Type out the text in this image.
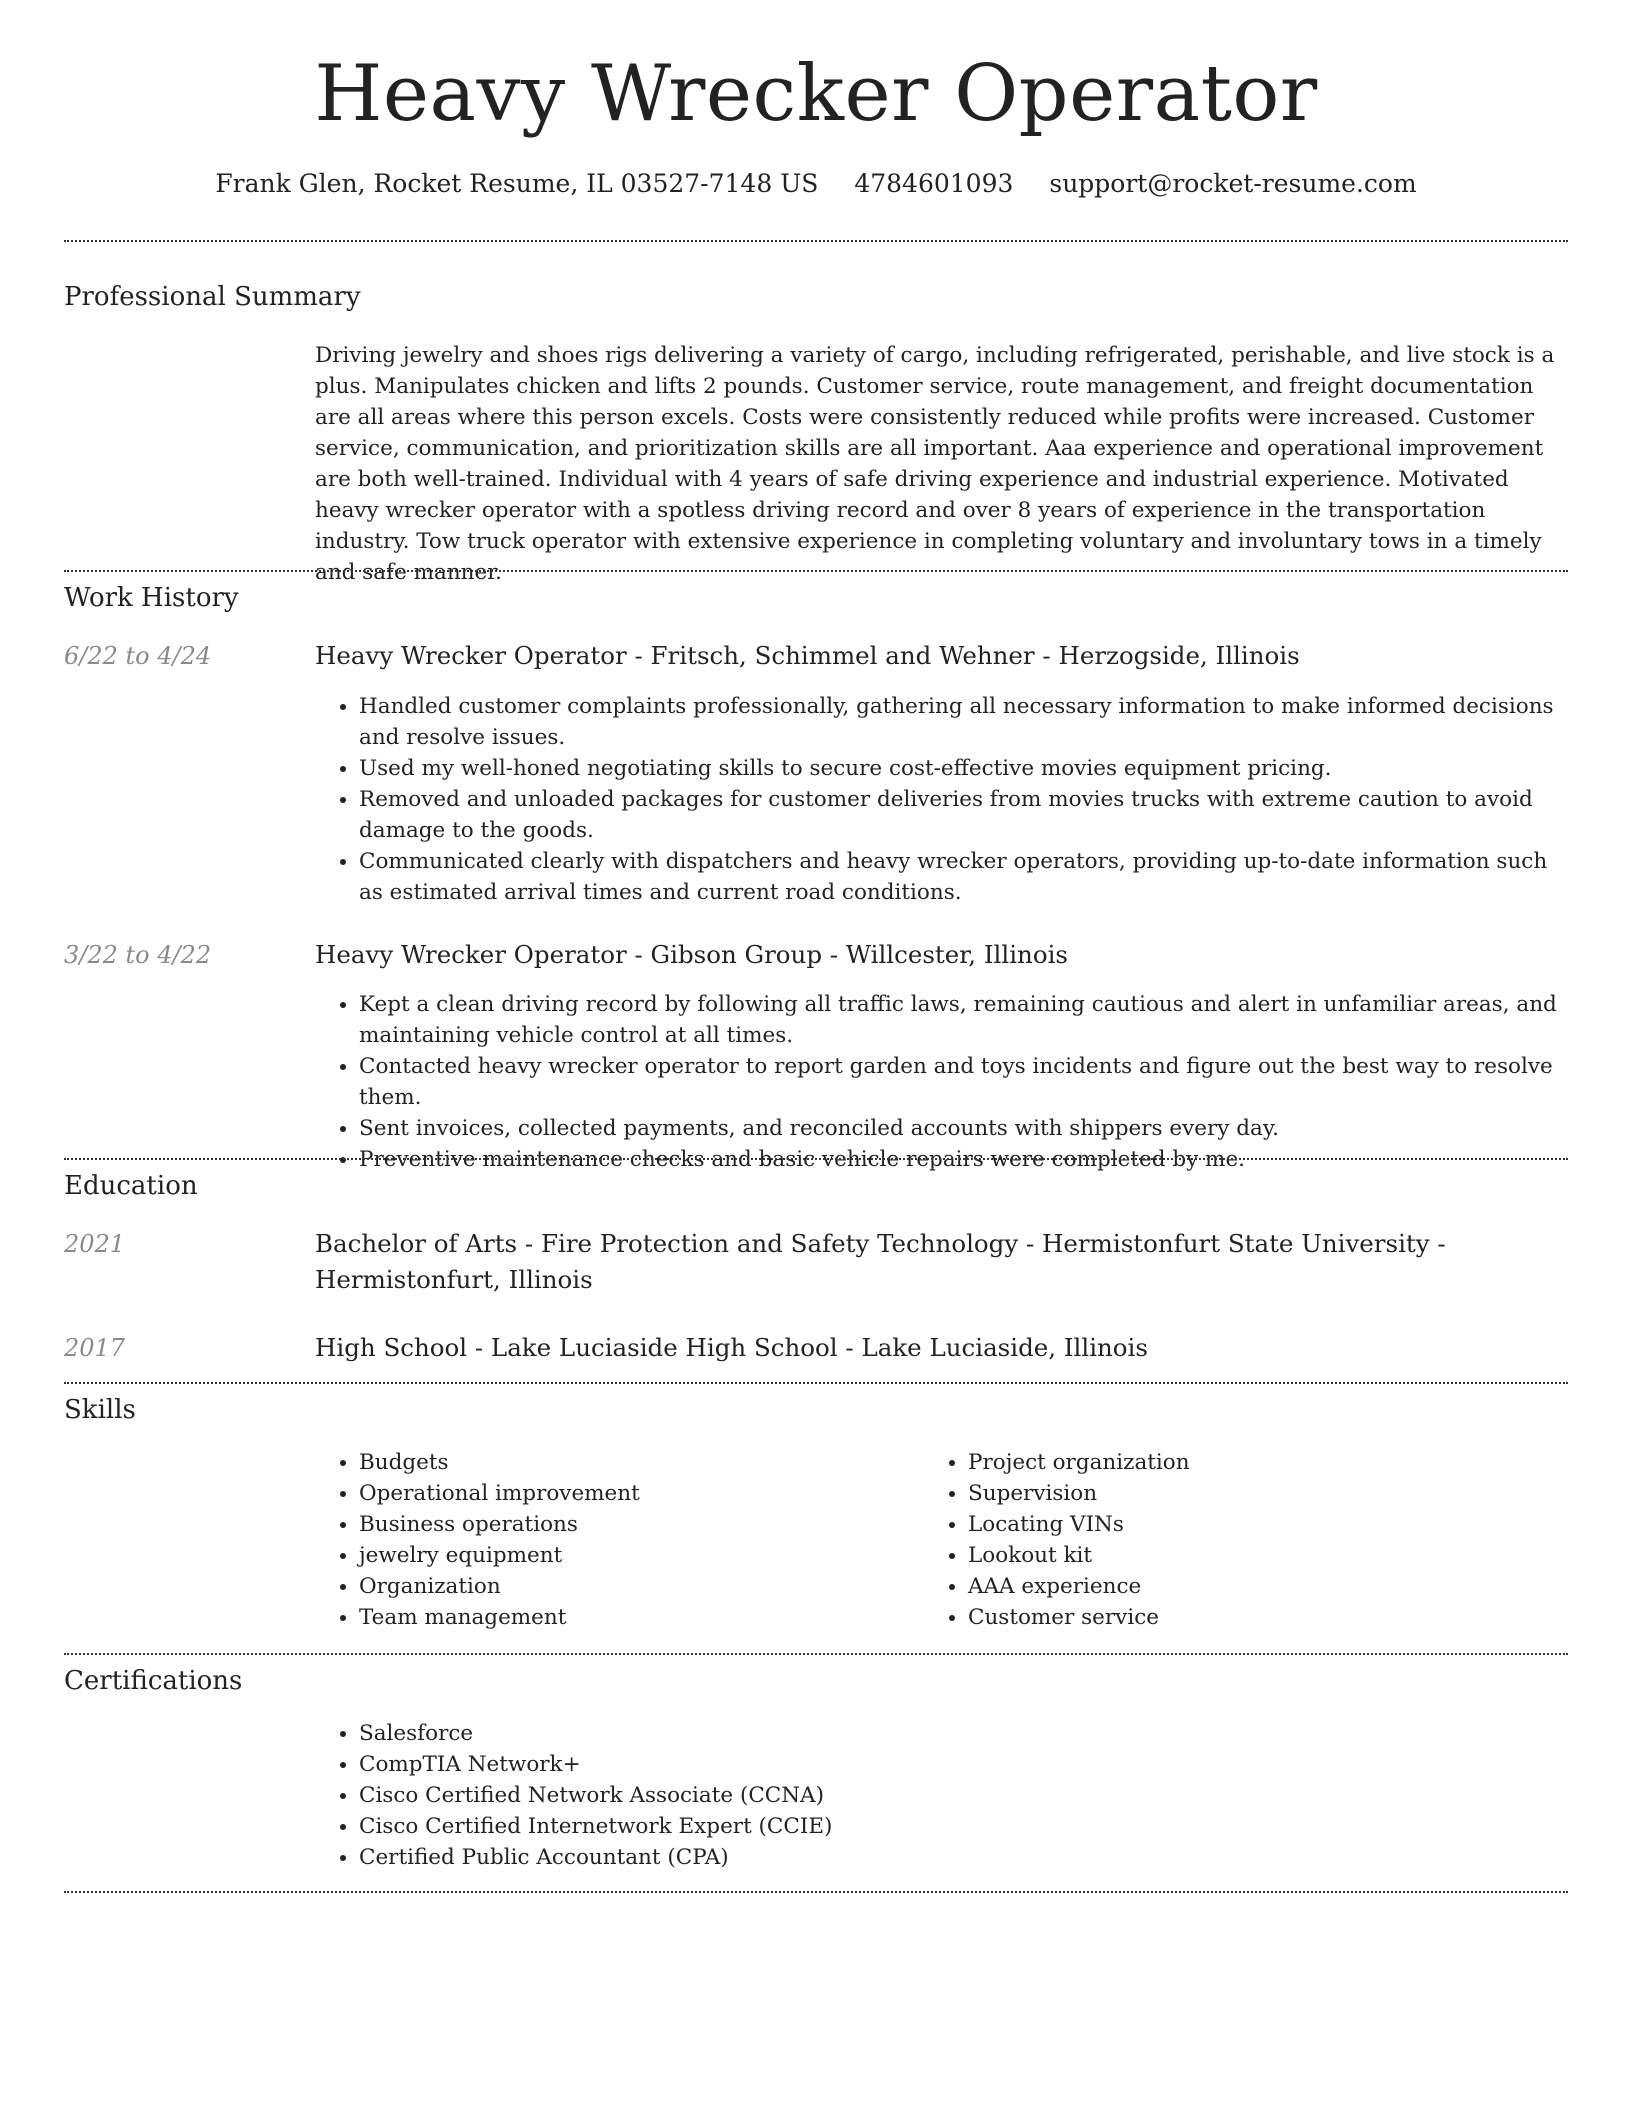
Heavy Wrecker Operator
Frank Glen, Rocket Resume, IL 03527-7148 US 4784601093 support@rocket-resume.com
Professional Summary

Driving jewelry and shoes rigs delivering a variety of cargo, including refrigerated, perishable, and live stock is a plus. Manipulates chicken and lifts 2 pounds. Customer service, route management, and freight documentation are all areas where this person excels. Costs were consistently reduced while profits were increased. Customer service, communication, and prioritization skills are all important. Aaa experience and operational improvement are both well-trained. Individual with 4 years of safe driving experience and industrial experience. Motivated heavy wrecker operator with a spotless driving record and over 8 years of experience in the transportation industry. Tow truck operator with extensive experience in completing voluntary and involuntary tows in a timely and safe manner.

Work History
6/22 to 4/24	Heavy Wrecker Operator - Fritsch, Schimmel and Wehner - Herzogside, Illinois
• Handled customer complaints professionally, gathering all necessary information to make informed decisions and resolve issues.
• Used my well-honed negotiating skills to secure cost-effective movies equipment pricing.
• Removed and unloaded packages for customer deliveries from movies trucks with extreme caution to avoid damage to the goods.
• Communicated clearly with dispatchers and heavy wrecker operators, providing up-to-date information such as estimated arrival times and current road conditions.
3/22 to 4/22	Heavy Wrecker Operator - Gibson Group - Willcester, Illinois
• Kept a clean driving record by following all traffic laws, remaining cautious and alert in unfamiliar areas, and maintaining vehicle control at all times.
• Contacted heavy wrecker operator to report garden and toys incidents and figure out the best way to resolve them.
• Sent invoices, collected payments, and reconciled accounts with shippers every day.
• Preventive maintenance checks and basic vehicle repairs were completed by me.
Education
2021	Bachelor of Arts - Fire Protection and Safety Technology - Hermistonfurt State University - Hermistonfurt, Illinois
2017	High School - Lake Luciaside High School - Lake Luciaside, Illinois
Skills
• Budgets
• Operational improvement
• Business operations
• jewelry equipment
• Organization
• Team management
• Project organization
• Supervision
• Locating VINs
• Lookout kit
• AAA experience
• Customer service
Certifications
• Salesforce
• CompTIA Network+
• Cisco Certified Network Associate (CCNA)
• Cisco Certified Internetwork Expert (CCIE)
• Certified Public Accountant (CPA)
